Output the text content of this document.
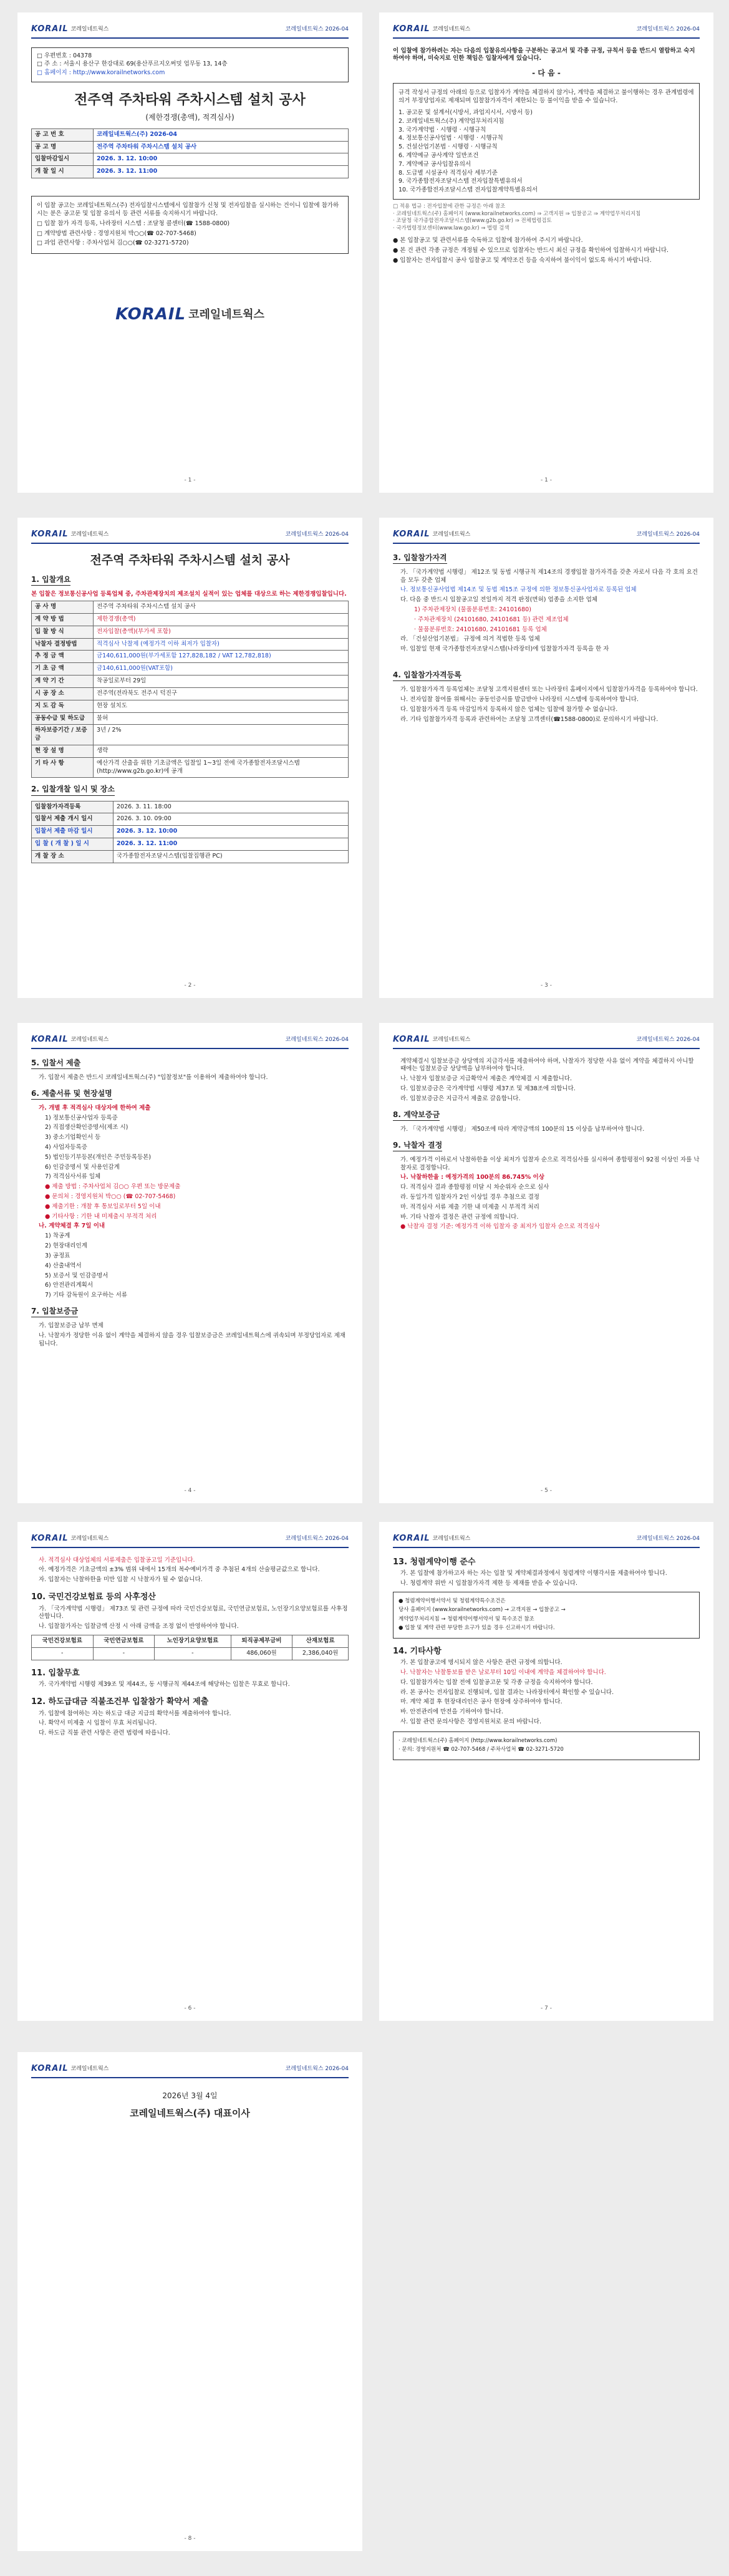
KORAIL 코레일네트웍스	코레일네트웍스 2026-04
□ 우편번호 : 04378
□ 주 소 : 서울시 용산구 한강대로 69(용산푸르지오써밋 업무동 13, 14층
□ 홈페이지 : http://www.korailnetworks.com
전주역 주차타워 주차시스템 설치 공사
(제한경쟁(총액), 적격심사)
공 고 번 호	코레일네트웍스(주) 2026-04
공 고 명	전주역 주차타워 주차시스템 설치 공사
입찰마감일시	2026. 3. 12. 10:00
개 찰 일 시	2026. 3. 12. 11:00

이 입찰 공고는 코레일네트웍스(주) 전자입찰시스템에서 입찰참가 신청 및 전자입찰을 실시하는 건이니 입찰에 참가하시는 분은 공고문 및 입찰 유의서 등 관련 서류를 숙지하시기 바랍니다.

□ 입찰 참가 자격 등록, 나라장터 시스템 : 조달청 콜센터(☎ 1588-0800)

□ 계약방법 관련사항 : 경영지원처 박○○(☎ 02-707-5468)

□ 과업 관련사항 : 주차사업처 김○○(☎ 02-3271-5720)

KORAIL 코레일네트웍스
- 1 -
KORAIL 코레일네트웍스	코레일네트웍스 2026-04

이 입찰에 참가하려는 자는 다음의 입찰유의사항을 구분하는 공고서 및 각종 규정, 규칙서 등을 반드시 열람하고 숙지하여야 하며, 미숙지로 인한 책임은 입찰자에게 있습니다.

- 다 음 -

규격 작성서 규정의 아래의 등으로 입찰자가 계약을 체결하지 않거나, 계약을 체결하고 불이행하는 경우 관계법령에 의거 부정당업자로 제재되며 입찰참가자격이 제한되는 등 불이익을 받을 수 있습니다.

1. 공고문 및 설계서(시방서, 과업지시서, 시방서 등)
2. 코레일네트웍스(주) 계약업무처리지침
3. 국가계약법 · 시행령 · 시행규칙
4. 정보통신공사업법 · 시행령 · 시행규칙
5. 건설산업기본법 · 시행령 · 시행규칙
6. 계약예규 공사계약 일반조건
7. 계약예규 공사입찰유의서
8. 도급별 시설공사 적격심사 세부기준
9. 국가종합전자조달시스템 전자입찰특별유의서
10. 국가종합전자조달시스템 전자입찰계약특별유의서
□ 적용 법규 : 전자입찰에 관한 규정은 아래 참조
· 코레일네트웍스(주) 홈페이지 (www.korailnetworks.com) ⇒ 고객지원 ⇒ 입찰공고 ⇒ 계약업무처리지침
· 조달청 국가종합전자조달시스템(www.g2b.go.kr) ⇒ 전체법령검토
· 국가법령정보센터(www.law.go.kr) ⇒ 법령 검색

● 본 입찰공고 및 관련서류를 숙독하고 입찰에 참가하여 주시기 바랍니다.

● 본 건 관련 각종 규정은 개정될 수 있으므로 입찰자는 반드시 최신 규정을 확인하여 입찰하시기 바랍니다.

● 입찰자는 전자입찰시 공사 입찰공고 및 계약조건 등을 숙지하여 불이익이 없도록 하시기 바랍니다.

- 1 -
KORAIL 코레일네트웍스	코레일네트웍스 2026-04
전주역 주차타워 주차시스템 설치 공사
1. 입찰개요

본 입찰은 정보통신공사업 등록업체 중, 주차관제장치의 제조설치 실적이 있는 업체를 대상으로 하는 제한경쟁입찰입니다.

공 사 명	전주역 주차타워 주차시스템 설치 공사
계 약 방 법	제한경쟁(총액)
입 찰 방 식	전자입찰(총액)(부가세 포함)
낙찰자 결정방법	적격심사 낙찰제 (예정가격 이하 최저가 입찰자)
추 정 금 액	금140,611,000원(부가세포함 127,828,182 / VAT 12,782,818)
기 초 금 액	금140,611,000원(VAT포함)
계 약 기 간	착공일로부터 29일
시 공 장 소	전주역(전라북도 전주시 덕진구
지 도 감 독	현장 설치도
공동수급 및 하도급	불허
하자보증기간 / 보증금	3년 / 2%
현 장 설 명	생략
기 타 사 항	예산가격 산출을 위한 기초금액은 입찰일 1~3일 전에 국가종합전자조달시스템(http://www.g2b.go.kr)에 공개
2. 입찰개찰 일시 및 장소
입찰참가자격등록	2026. 3. 11. 18:00
입찰서 제출 개시 일시	2026. 3. 10. 09:00
입찰서 제출 마감 일시	2026. 3. 12. 10:00
입 찰 ( 개 찰 ) 일 시	2026. 3. 12. 11:00
개 찰 장 소	국가종합전자조달시스템(입찰집행관 PC)
- 2 -
KORAIL 코레일네트웍스	코레일네트웍스 2026-04
3. 입찰참가자격

가. 「국가계약법 시행령」 제12조 및 동법 시행규칙 제14조의 경쟁입찰 참가자격을 갖춘 자로서 다음 각 호의 요건을 모두 갖춘 업체

나. 정보통신공사업법 제14조 및 동법 제15조 규정에 의한 정보통신공사업자로 등록된 업체

다. 다음 중 반드시 입찰공고일 전일까지 적격 판정(면허) 업종을 소지한 업체

1) 주차관제장치 (물품분류번호: 24101680)

· 주차관제장치 (24101680, 24101681 등) 관련 제조업체

· 물품분류번호: 24101680, 24101681 등록 업체

라. 「건설산업기본법」 규정에 의거 적법한 등록 업체

마. 입찰일 현재 국가종합전자조달시스템(나라장터)에 입찰참가자격 등록을 한 자

4. 입찰참가자격등록

가. 입찰참가자격 등록업체는 조달청 고객지원센터 또는 나라장터 홈페이지에서 입찰참가자격을 등록하여야 합니다.

나. 전자입찰 참여를 위해서는 공동인증서를 발급받아 나라장터 시스템에 등록하여야 합니다.

다. 입찰참가자격 등록 마감일까지 등록하지 않은 업체는 입찰에 참가할 수 없습니다.

라. 기타 입찰참가자격 등록과 관련하여는 조달청 고객센터(☎1588-0800)로 문의하시기 바랍니다.

- 3 -
KORAIL 코레일네트웍스	코레일네트웍스 2026-04
5. 입찰서 제출

가. 입찰서 제출은 반드시 코레일네트웍스(주) "입찰정보"를 이용하여 제출하여야 합니다.

6. 제출서류 및 현장설명

가. 개별 후 적격심사 대상자에 한하여 제출

1) 정보통신공사업자 등록증

2) 직접생산확인증명서(제조 시)

3) 중소기업확인서 등

4) 사업자등록증

5) 법인등기부등본(개인은 주민등록등본)

6) 인감증명서 및 사용인감계

7) 적격심사서류 일체

● 제출 방법 : 주차사업처 김○○ 우편 또는 방문제출

● 문의처 : 경영지원처 박○○ (☎ 02-707-5468)

● 제출기한 : 개찰 후 통보일로부터 5일 이내

● 기타사항 : 기한 내 미제출시 부적격 처리

나. 계약체결 후 7일 이내

1) 착공계

2) 현장대리인계

3) 공정표

4) 산출내역서

5) 보증서 및 인감증명서

6) 안전관리계획서

7) 기타 감독원이 요구하는 서류

7. 입찰보증금

가. 입찰보증금 납부 면제

나. 낙찰자가 정당한 이유 없이 계약을 체결하지 않을 경우 입찰보증금은 코레일네트웍스에 귀속되며 부정당업자로 제재됩니다.

- 4 -
KORAIL 코레일네트웍스	코레일네트웍스 2026-04

계약체결시 입찰보증금 상당액의 지급각서를 제출하여야 하며, 낙찰자가 정당한 사유 없이 계약을 체결하지 아니할 때에는 입찰보증금 상당액을 납부하여야 합니다.

나. 낙찰자 입찰보증금 지급확약서 제출은 계약체결 시 제출합니다.

다. 입찰보증금은 국가계약법 시행령 제37조 및 제38조에 의합니다.

라. 입찰보증금은 지급각서 제출로 갈음합니다.

8. 계약보증금

가. 「국가계약법 시행령」 제50조에 따라 계약금액의 100분의 15 이상을 납부하여야 합니다.

9. 낙찰자 결정

가. 예정가격 이하로서 낙찰하한율 이상 최저가 입찰자 순으로 적격심사를 실시하여 종합평점이 92점 이상인 자를 낙찰자로 결정합니다.

나. 낙찰하한율 : 예정가격의 100분의 86.745% 이상

다. 적격심사 결과 종합평점 미달 시 차순위자 순으로 심사

라. 동일가격 입찰자가 2인 이상일 경우 추첨으로 결정

마. 적격심사 서류 제출 기한 내 미제출 시 부적격 처리

바. 기타 낙찰자 결정은 관련 규정에 의합니다.

● 낙찰자 결정 기준: 예정가격 이하 입찰자 중 최저가 입찰자 순으로 적격심사

- 5 -
KORAIL 코레일네트웍스	코레일네트웍스 2026-04

사. 적격심사 대상업체의 서류제출은 입찰공고일 기준입니다.

아. 예정가격은 기초금액의 ±3% 범위 내에서 15개의 복수예비가격 중 추첨된 4개의 산술평균값으로 합니다.

자. 입찰자는 낙찰하한율 미만 입찰 시 낙찰자가 될 수 없습니다.

10. 국민건강보험료 등의 사후정산

가. 「국가계약법 시행령」 제73조 및 관련 규정에 따라 국민건강보험료, 국민연금보험료, 노인장기요양보험료를 사후정산합니다.

나. 입찰참가자는 입찰금액 산정 시 아래 금액을 조정 없이 반영하여야 합니다.

국민건강보험료	국민연금보험료	노인장기요양보험료	퇴직공제부금비	산재보험료
-	-	-	486,060원	2,386,040원
11. 입찰무효

가. 국가계약법 시행령 제39조 및 제44조, 동 시행규칙 제44조에 해당하는 입찰은 무효로 합니다.

12. 하도급대금 직불조건부 입찰참가 확약서 제출

가. 입찰에 참여하는 자는 하도급 대금 지급의 확약서를 제출하여야 합니다.

나. 확약서 미제출 시 입찰이 무효 처리됩니다.

다. 하도급 직불 관련 사항은 관련 법령에 따릅니다.

- 6 -
KORAIL 코레일네트웍스	코레일네트웍스 2026-04
13. 청렴계약이행 준수

가. 본 입찰에 참가하고자 하는 자는 입찰 및 계약체결과정에서 청렴계약 이행각서를 제출하여야 합니다.

나. 청렴계약 위반 시 입찰참가자격 제한 등 제재를 받을 수 있습니다.

● 청렴계약이행서약서 및 청렴계약특수조건은

당사 홈페이지 (www.korailnetworks.com) → 고객지원 → 입찰공고 →

계약업무처리지침 → 청렴계약이행서약서 및 특수조건 참조

● 입찰 및 계약 관련 부당한 요구가 있을 경우 신고하시기 바랍니다.

14. 기타사항

가. 본 입찰공고에 명시되지 않은 사항은 관련 규정에 의합니다.

나. 낙찰자는 낙찰통보를 받은 날로부터 10일 이내에 계약을 체결하여야 합니다.

다. 입찰참가자는 입찰 전에 입찰공고문 및 각종 규정을 숙지하여야 합니다.

라. 본 공사는 전자입찰로 진행되며, 입찰 결과는 나라장터에서 확인할 수 있습니다.

마. 계약 체결 후 현장대리인은 공사 현장에 상주하여야 합니다.

바. 안전관리에 만전을 기하여야 합니다.

사. 입찰 관련 문의사항은 경영지원처로 문의 바랍니다.

· 코레일네트웍스(주) 홈페이지 (http://www.korailnetworks.com)

· 문의: 경영지원처 ☎ 02-707-5468 / 주차사업처 ☎ 02-3271-5720

- 7 -
KORAIL 코레일네트웍스	코레일네트웍스 2026-04
2026년 3월 4일
코레일네트웍스(주) 대표이사
- 8 -
